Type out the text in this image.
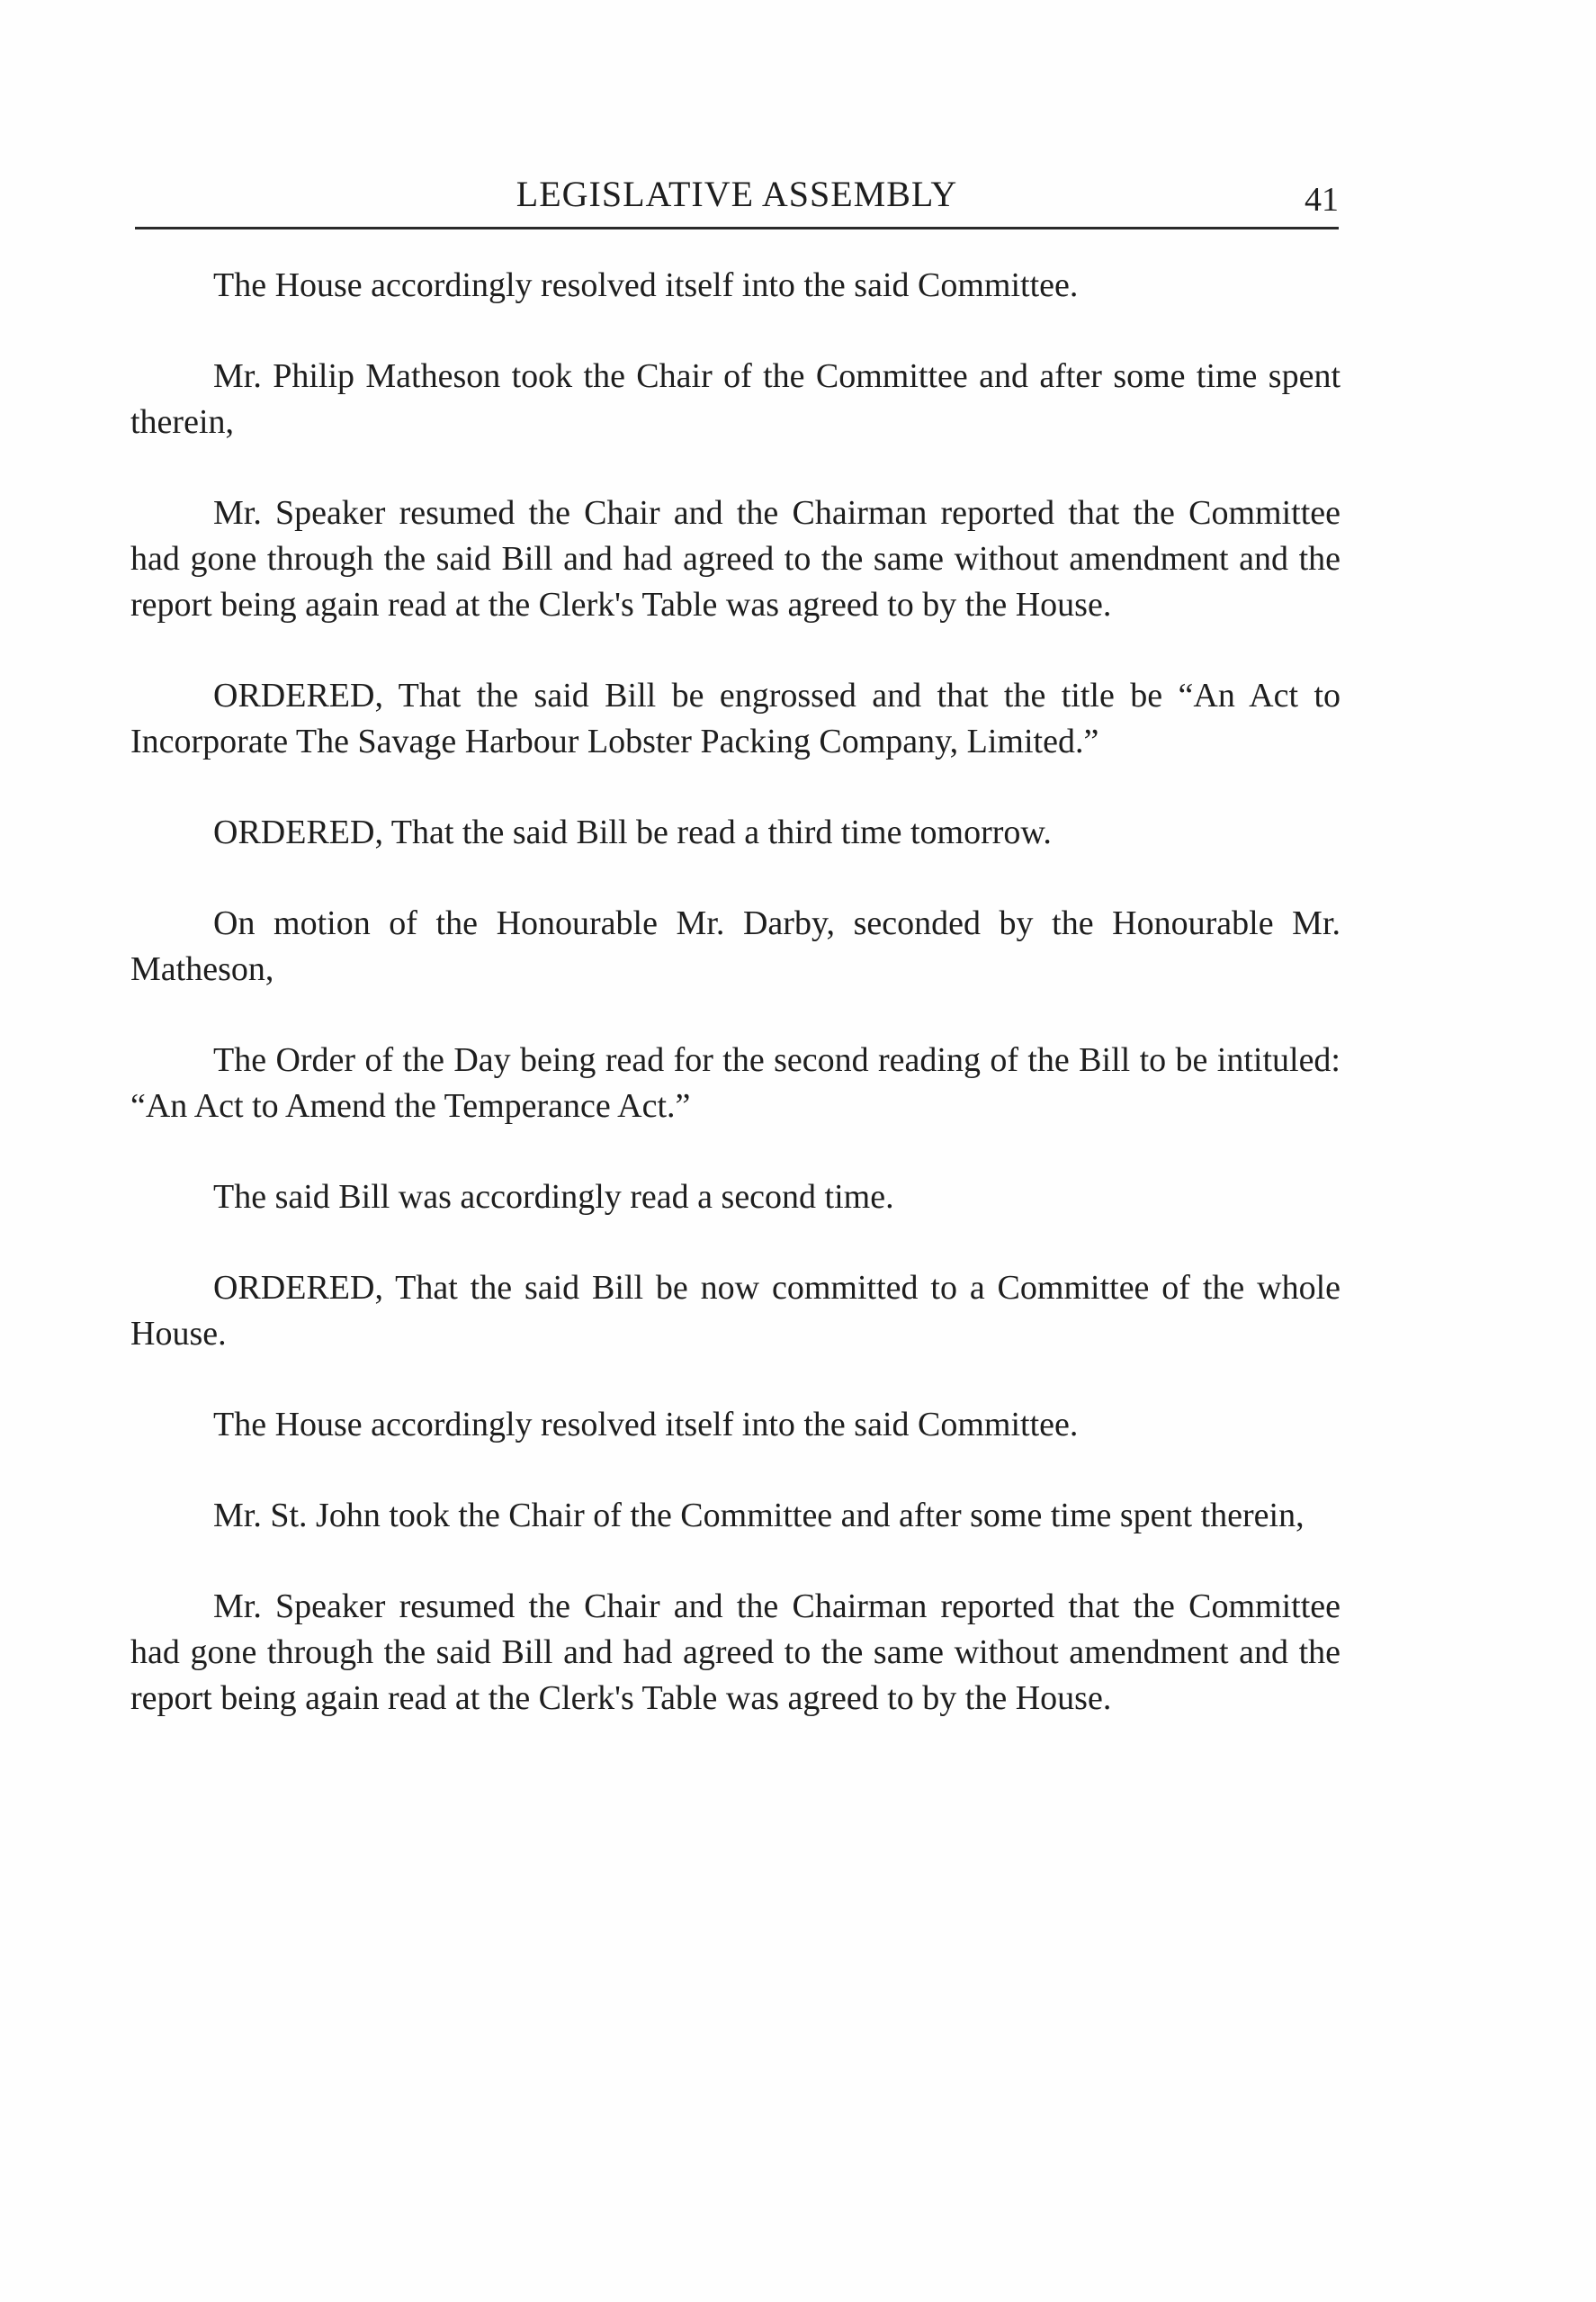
LEGISLATIVE ASSEMBLY	41

The House accordingly resolved itself into the said Committee.

Mr. Philip Matheson took the Chair of the Committee and after some time spent therein,

Mr. Speaker resumed the Chair and the Chairman reported that the Committee had gone through the said Bill and had agreed to the same without amendment and the report being again read at the Clerk's Table was agreed to by the House.

ORDERED, That the said Bill be engrossed and that the title be “An Act to Incorporate The Savage Harbour Lobster Packing Company, Limited.”

ORDERED, That the said Bill be read a third time tomorrow.

On motion of the Honourable Mr. Darby, seconded by the Honourable Mr. Matheson,

The Order of the Day being read for the second reading of the Bill to be intituled: “An Act to Amend the Temperance Act.”

The said Bill was accordingly read a second time.

ORDERED, That the said Bill be now committed to a Committee of the whole House.

The House accordingly resolved itself into the said Committee.

Mr. St. John took the Chair of the Committee and after some time spent therein,

Mr. Speaker resumed the Chair and the Chairman reported that the Committee had gone through the said Bill and had agreed to the same without amendment and the report being again read at the Clerk's Table was agreed to by the House.
